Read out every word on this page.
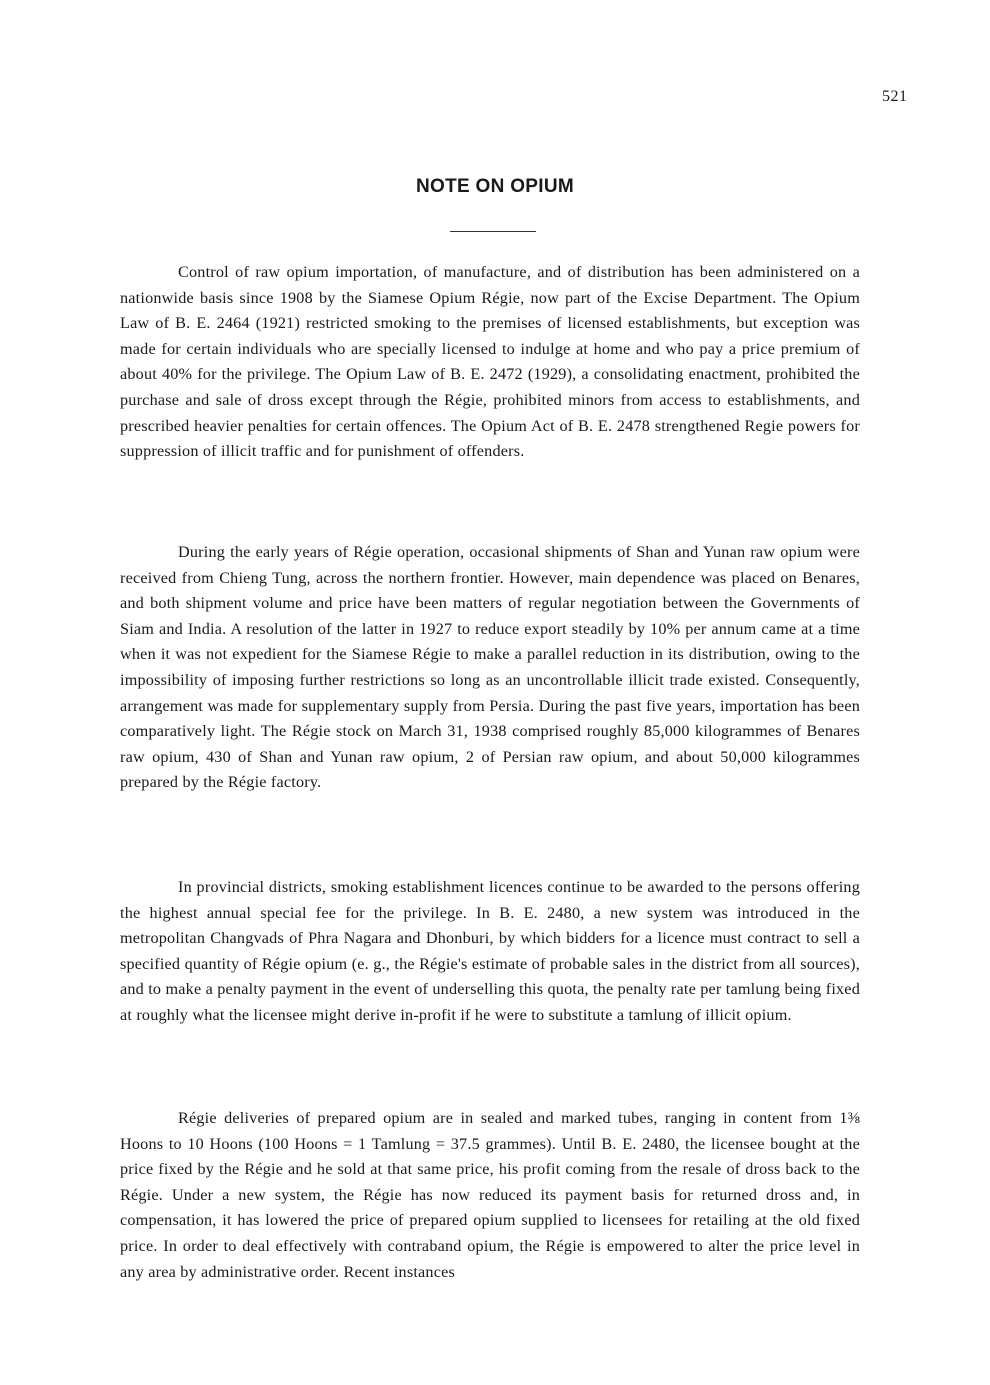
521
NOTE ON OPIUM

Control of raw opium importation, of manufacture, and of distribution has been administered on a nationwide basis since 1908 by the Siamese Opium Régie, now part of the Excise Department. The Opium Law of B. E. 2464 (1921) restricted smoking to the premises of licensed establishments, but exception was made for certain individuals who are specially licensed to indulge at home and who pay a price premium of about 40% for the privilege. The Opium Law of B. E. 2472 (1929), a consolidating enactment, prohibited the purchase and sale of dross except through the Régie, prohibited minors from access to establishments, and prescribed heavier penalties for certain offences. The Opium Act of B. E. 2478 strengthened Regie powers for suppression of illicit traffic and for punishment of offenders.

During the early years of Régie operation, occasional shipments of Shan and Yunan raw opium were received from Chieng Tung, across the northern frontier. However, main dependence was placed on Benares, and both shipment volume and price have been matters of regular negotiation between the Governments of Siam and India. A resolution of the latter in 1927 to reduce export steadily by 10% per annum came at a time when it was not expedient for the Siamese Régie to make a parallel reduction in its distribution, owing to the impossibility of imposing further restrictions so long as an uncontrollable illicit trade existed. Consequently, arrangement was made for supplementary supply from Persia. During the past five years, importation has been comparatively light. The Régie stock on March 31, 1938 comprised roughly 85,000 kilogrammes of Benares raw opium, 430 of Shan and Yunan raw opium, 2 of Persian raw opium, and about 50,000 kilogrammes prepared by the Régie factory.

In provincial districts, smoking establishment licences continue to be awarded to the persons offering the highest annual special fee for the privilege. In B. E. 2480, a new system was introduced in the metropolitan Changvads of Phra Nagara and Dhonburi, by which bidders for a licence must contract to sell a specified quantity of Régie opium (e. g., the Régie's estimate of probable sales in the district from all sources), and to make a penalty payment in the event of underselling this quota, the penalty rate per tamlung being fixed at roughly what the licensee might derive in-profit if he were to substitute a tamlung of illicit opium.

Régie deliveries of prepared opium are in sealed and marked tubes, ranging in content from 1⅜ Hoons to 10 Hoons (100 Hoons = 1 Tamlung = 37.5 grammes). Until B. E. 2480, the licensee bought at the price fixed by the Régie and he sold at that same price, his profit coming from the resale of dross back to the Régie. Under a new system, the Régie has now reduced its payment basis for returned dross and, in compensation, it has lowered the price of prepared opium supplied to licensees for retailing at the old fixed price. In order to deal effectively with contraband opium, the Régie is empowered to alter the price level in any area by administrative order. Recent instances
